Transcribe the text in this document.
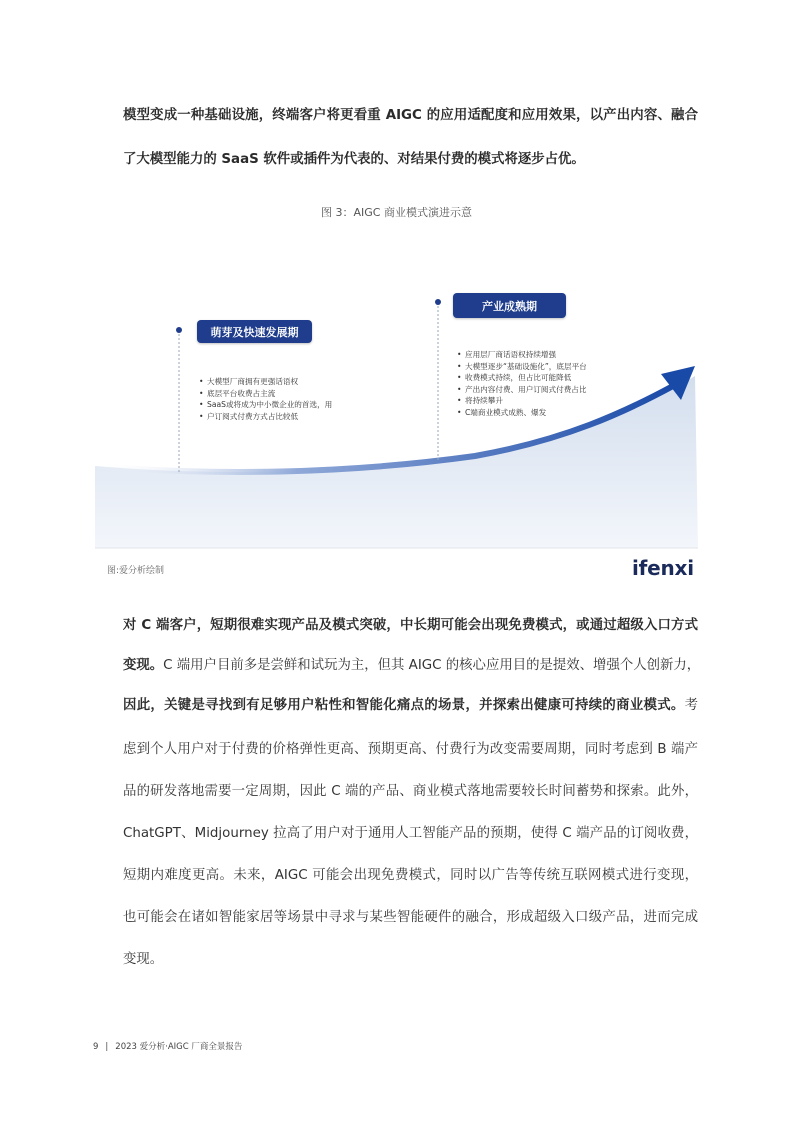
模型变成一种基础设施，终端客户将更看重 AIGC 的应用适配度和应用效果，以产出内容、融合
了大模型能力的 SaaS 软件或插件为代表的、对结果付费的模式将逐步占优。
图 3：AIGC 商业模式演进示意
萌芽及快速发展期
• 大模型厂商拥有更强话语权
• 底层平台收费占主流
• SaaS或将成为中小微企业的首选，用
• 户订阅式付费方式占比较低
产业成熟期
• 应用层厂商话语权持续增强
• 大模型逐步“基础设施化”，底层平台
• 收费模式持续，但占比可能降低
• 产出内容付费、用户订阅式付费占比
• 将持续攀升
• C端商业模式成熟、爆发
图:爱分析绘制	ifenxi
对 C 端客户，短期很难实现产品及模式突破，中长期可能会出现免费模式，或通过超级入口方式
变现。C 端用户目前多是尝鲜和试玩为主，但其 AIGC 的核心应用目的是提效、增强个人创新力，
因此，关键是寻找到有足够用户粘性和智能化痛点的场景，并探索出健康可持续的商业模式。考
虑到个人用户对于付费的价格弹性更高、预期更高、付费行为改变需要周期，同时考虑到 B 端产
品的研发落地需要一定周期，因此 C 端的产品、商业模式落地需要较长时间蓄势和探索。此外，
ChatGPT、Midjourney 拉高了用户对于通用人工智能产品的预期，使得 C 端产品的订阅收费，
短期内难度更高。未来，AIGC 可能会出现免费模式，同时以广告等传统互联网模式进行变现，
也可能会在诸如智能家居等场景中寻求与某些智能硬件的融合，形成超级入口级产品，进而完成
变现。
9 | 2023 爱分析·AIGC 厂商全景报告
